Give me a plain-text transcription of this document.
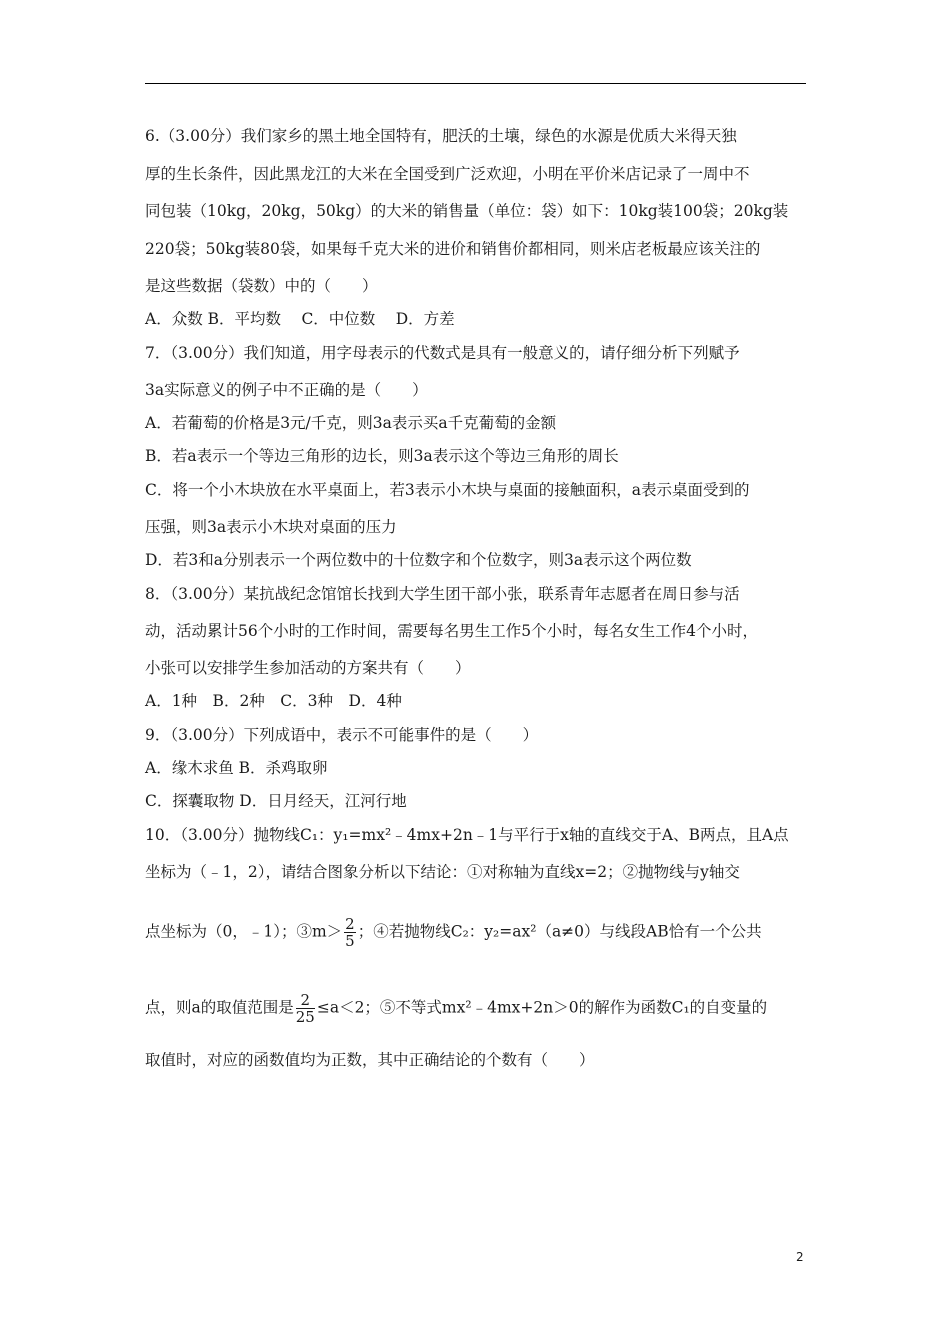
6.（3.00分）我们家乡的黑土地全国特有，肥沃的土壤，绿色的水源是优质大米得天独
厚的生长条件，因此黑龙江的大米在全国受到广泛欢迎，小明在平价米店记录了一周中不
同包装（10kg，20kg，50kg）的大米的销售量（单位：袋）如下：10kg装100袋；20kg装
220袋；50kg装80袋，如果每千克大米的进价和销售价都相同，则米店老板最应该关注的
是这些数据（袋数）中的（　　）
A．众数 B．平均数　 C．中位数　 D．方差
7．（3.00分）我们知道，用字母表示的代数式是具有一般意义的，请仔细分析下列赋予
3a实际意义的例子中不正确的是（　　）
A．若葡萄的价格是3元/千克，则3a表示买a千克葡萄的金额
B．若a表示一个等边三角形的边长，则3a表示这个等边三角形的周长
C．将一个小木块放在水平桌面上，若3表示小木块与桌面的接触面积，a表示桌面受到的
压强，则3a表示小木块对桌面的压力
D．若3和a分别表示一个两位数中的十位数字和个位数字，则3a表示这个两位数
8．（3.00分）某抗战纪念馆馆长找到大学生团干部小张，联系青年志愿者在周日参与活
动，活动累计56个小时的工作时间，需要每名男生工作5个小时，每名女生工作4个小时，
小张可以安排学生参加活动的方案共有（　　）
A．1种　B．2种　C．3种　D．4种
9．（3.00分）下列成语中，表示不可能事件的是（　　）
A．缘木求鱼 B．杀鸡取卵
C．探囊取物 D．日月经天，江河行地
10．（3.00分）抛物线C₁：y₁=mx²﹣4mx+2n﹣1与平行于x轴的直线交于A、B两点，且A点
坐标为（﹣1，2），请结合图象分析以下结论：①对称轴为直线x=2；②抛物线与y轴交
点坐标为（0，﹣1）；③m＞ $\frac{2}{5}$ ；④若抛物线C₂：y₂=ax²（a≠0）与线段AB恰有一个公共
点，则a的取值范围是 $\frac{2}{25} \le a<2$；⑤不等式mx²﹣4mx+2n＞0的解作为函数C₁的自变量的
取值时，对应的函数值均为正数，其中正确结论的个数有（　　）
2
